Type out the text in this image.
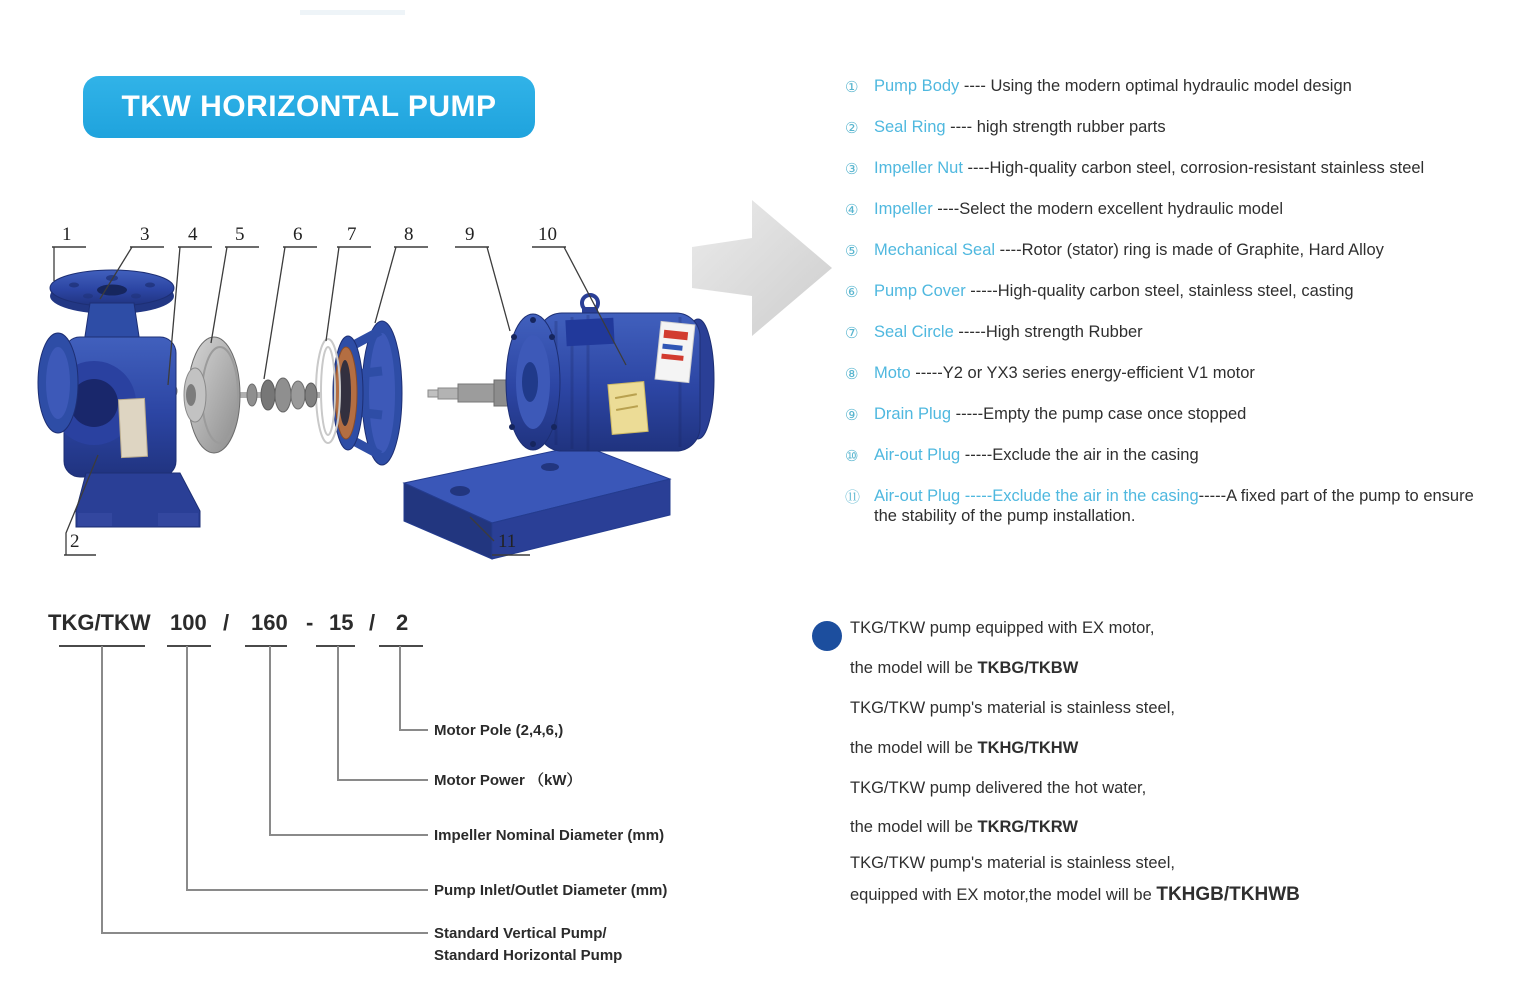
TKW HORIZONTAL PUMP
1	3 4 5	6 7	8	9	10
2	11
① Pump Body ---- Using the modern optimal hydraulic model design
② Seal Ring ---- high strength rubber parts
③ Impeller Nut ----High-quality carbon steel, corrosion-resistant stainless steel
④ Impeller ----Select the modern excellent hydraulic model
⑤ Mechanical Seal ----Rotor (stator) ring is made of Graphite, Hard Alloy
⑥ Pump Cover -----High-quality carbon steel, stainless steel, casting
⑦ Seal Circle -----High strength Rubber
⑧ Moto -----Y2 or YX3 series energy-efficient V1 motor
⑨ Drain Plug -----Empty the pump case once stopped
⑩ Air-out Plug -----Exclude the air in the casing
⑪ Air-out Plug -----Exclude the air in the casing-----A fixed part of the pump to ensure the stability of the pump installation.
TKG/TKW 100 / 160 - 15 / 2
Motor Pole (2,4,6,)
Motor Power （kW）
Impeller Nominal Diameter (mm)
Pump Inlet/Outlet Diameter (mm)
Standard Vertical Pump/
Standard Horizontal Pump
TKG/TKW pump equipped with EX motor,
the model will be TKBG/TKBW
TKG/TKW pump's material is stainless steel,
the model will be TKHG/TKHW
TKG/TKW pump delivered the hot water,
the model will be TKRG/TKRW
TKG/TKW pump's material is stainless steel,
equipped with EX motor,the model will be TKHGB/TKHWB
